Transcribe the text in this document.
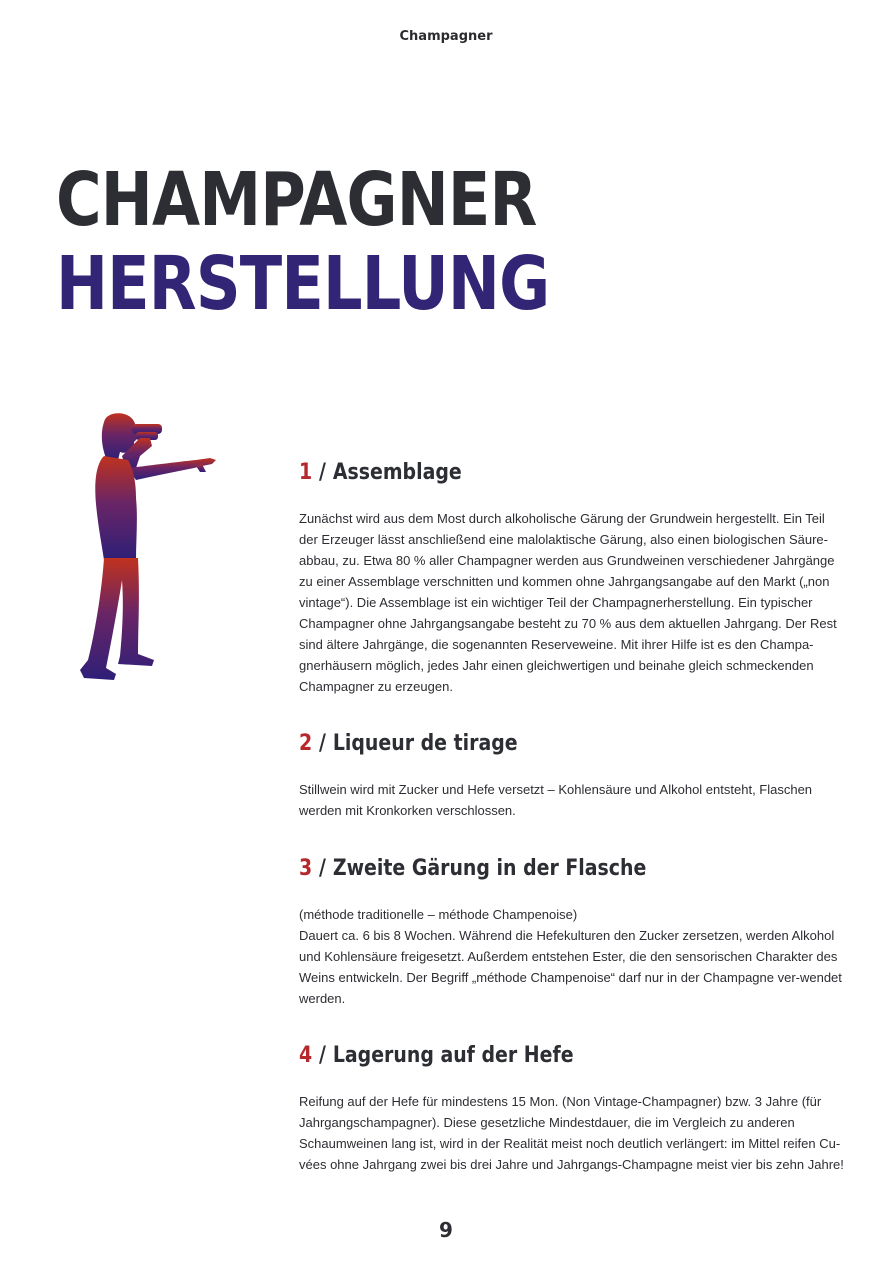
Champagner
CHAMPAGNER
HERSTELLUNG
1 / Assemblage

Zunächst wird aus dem Most durch alkoholische Gärung der Grundwein hergestellt. Ein Teil der Erzeuger lässt anschließend eine malolaktische Gärung, also einen biologischen Säure-abbau, zu. Etwa 80 % aller Champagner werden aus Grundweinen verschiedener Jahrgänge zu einer Assemblage verschnitten und kommen ohne Jahrgangsangabe auf den Markt („non vintage“). Die Assemblage ist ein wichtiger Teil der Champagnerherstellung. Ein typischer Champagner ohne Jahrgangsangabe besteht zu 70 % aus dem aktuellen Jahrgang. Der Rest sind ältere Jahrgänge, die sogenannten Reserveweine. Mit ihrer Hilfe ist es den Champa-gnerhäusern möglich, jedes Jahr einen gleichwertigen und beinahe gleich schmeckenden Champagner zu erzeugen.

2 / Liqueur de tirage

Stillwein wird mit Zucker und Hefe versetzt – Kohlensäure und Alkohol entsteht, Flaschen werden mit Kronkorken verschlossen.

3 / Zweite Gärung in der Flasche

(méthode traditionelle – méthode Champenoise)

Dauert ca. 6 bis 8 Wochen. Während die Hefekulturen den Zucker zersetzen, werden Alkohol und Kohlensäure freigesetzt. Außerdem entstehen Ester, die den sensorischen Charakter des Weins entwickeln. Der Begriff „méthode Champenoise“ darf nur in der Champagne ver-wendet werden.

4 / Lagerung auf der Hefe

Reifung auf der Hefe für mindestens 15 Mon. (Non Vintage-Champagner) bzw. 3 Jahre (für Jahrgangschampagner). Diese gesetzliche Mindestdauer, die im Vergleich zu anderen Schaumweinen lang ist, wird in der Realität meist noch deutlich verlängert: im Mittel reifen Cu-vées ohne Jahrgang zwei bis drei Jahre und Jahrgangs-Champagne meist vier bis zehn Jahre!

9
